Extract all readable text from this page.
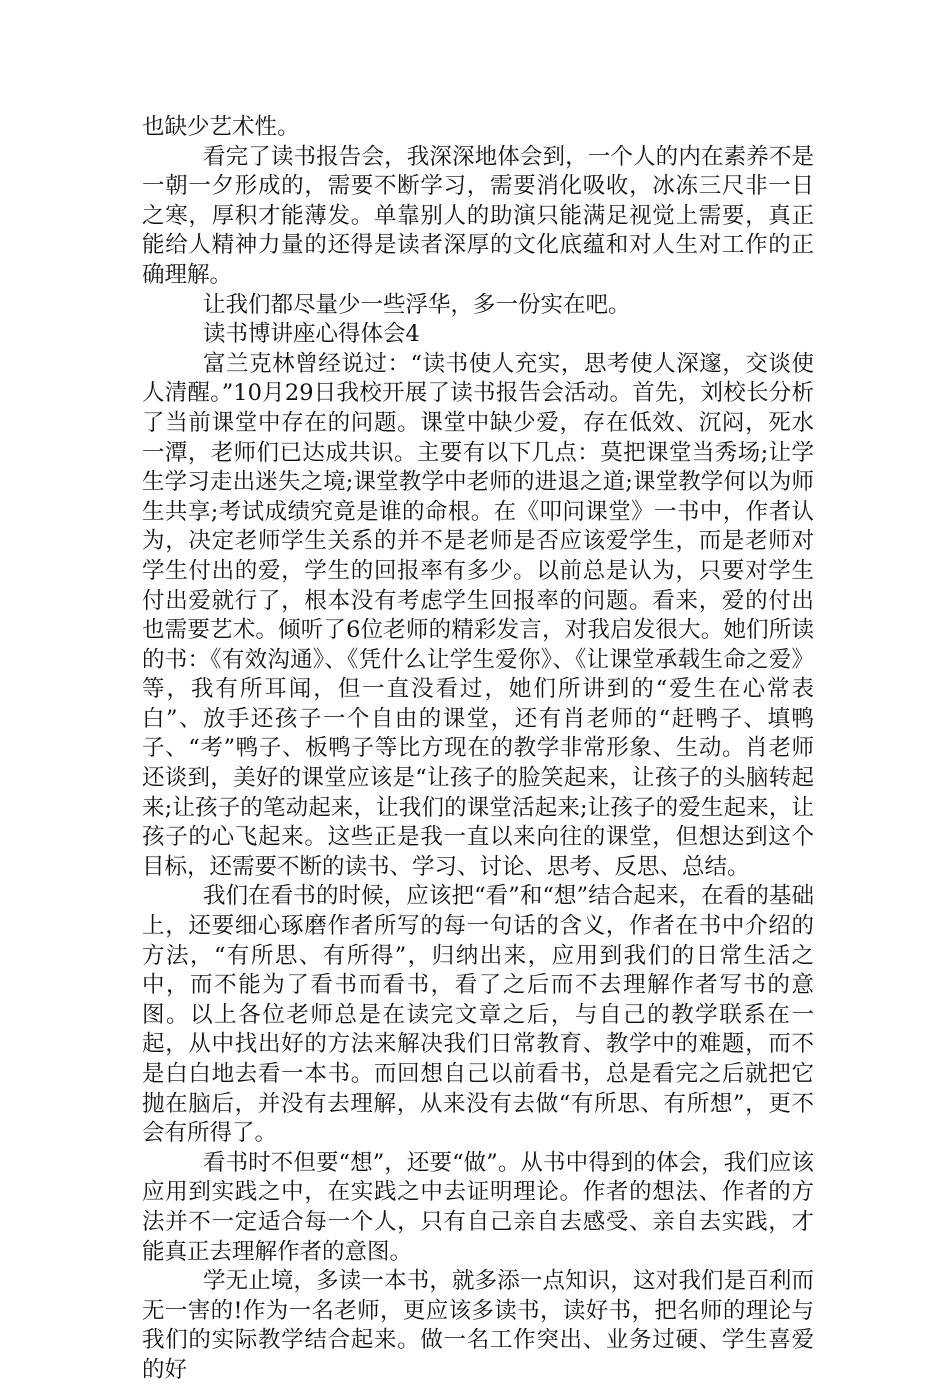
也缺少艺术性。

看完了读书报告会，我深深地体会到，一个人的内在素养不是一朝一夕形成的，需要不断学习，需要消化吸收，冰冻三尺非一日之寒，厚积才能薄发。单靠别人的助演只能满足视觉上需要，真正能给人精神力量的还得是读者深厚的文化底蕴和对人生对工作的正确理解。

让我们都尽量少一些浮华，多一份实在吧。

读书博讲座心得体会4

富兰克林曾经说过：“读书使人充实，思考使人深邃，交谈使人清醒。”10月29日我校开展了读书报告会活动。首先，刘校长分析了当前课堂中存在的问题。课堂中缺少爱，存在低效、沉闷，死水一潭，老师们已达成共识。主要有以下几点：莫把课堂当秀场;让学生学习走出迷失之境;课堂教学中老师的进退之道;课堂教学何以为师生共享;考试成绩究竟是谁的命根。在《叩问课堂》一书中，作者认为，决定老师学生关系的并不是老师是否应该爱学生，而是老师对学生付出的爱，学生的回报率有多少。以前总是认为，只要对学生付出爱就行了，根本没有考虑学生回报率的问题。看来，爱的付出也需要艺术。倾听了6位老师的精彩发言，对我启发很大。她们所读的书：《有效沟通》、《凭什么让学生爱你》、《让课堂承载生命之爱》等，我有所耳闻，但一直没看过，她们所讲到的“爱生在心常表白”、放手还孩子一个自由的课堂，还有肖老师的“赶鸭子、填鸭子、“考”鸭子、板鸭子等比方现在的教学非常形象、生动。肖老师还谈到，美好的课堂应该是“让孩子的脸笑起来，让孩子的头脑转起来;让孩子的笔动起来，让我们的课堂活起来;让孩子的爱生起来，让孩子的心飞起来。这些正是我一直以来向往的课堂，但想达到这个目标，还需要不断的读书、学习、讨论、思考、反思、总结。

我们在看书的时候，应该把“看”和“想”结合起来，在看的基础上，还要细心琢磨作者所写的每一句话的含义，作者在书中介绍的方法，“有所思、有所得”，归纳出来，应用到我们的日常生活之中，而不能为了看书而看书，看了之后而不去理解作者写书的意图。以上各位老师总是在读完文章之后，与自己的教学联系在一起，从中找出好的方法来解决我们日常教育、教学中的难题，而不是白白地去看一本书。而回想自己以前看书，总是看完之后就把它抛在脑后，并没有去理解，从来没有去做“有所思、有所想”，更不会有所得了。

看书时不但要“想”，还要“做”。从书中得到的体会，我们应该应用到实践之中，在实践之中去证明理论。作者的想法、作者的方法并不一定适合每一个人，只有自己亲自去感受、亲自去实践，才能真正去理解作者的意图。

学无止境，多读一本书，就多添一点知识，这对我们是百利而无一害的!作为一名老师，更应该多读书，读好书，把名师的理论与我们的实际教学结合起来。做一名工作突出、业务过硬、学生喜爱的好
